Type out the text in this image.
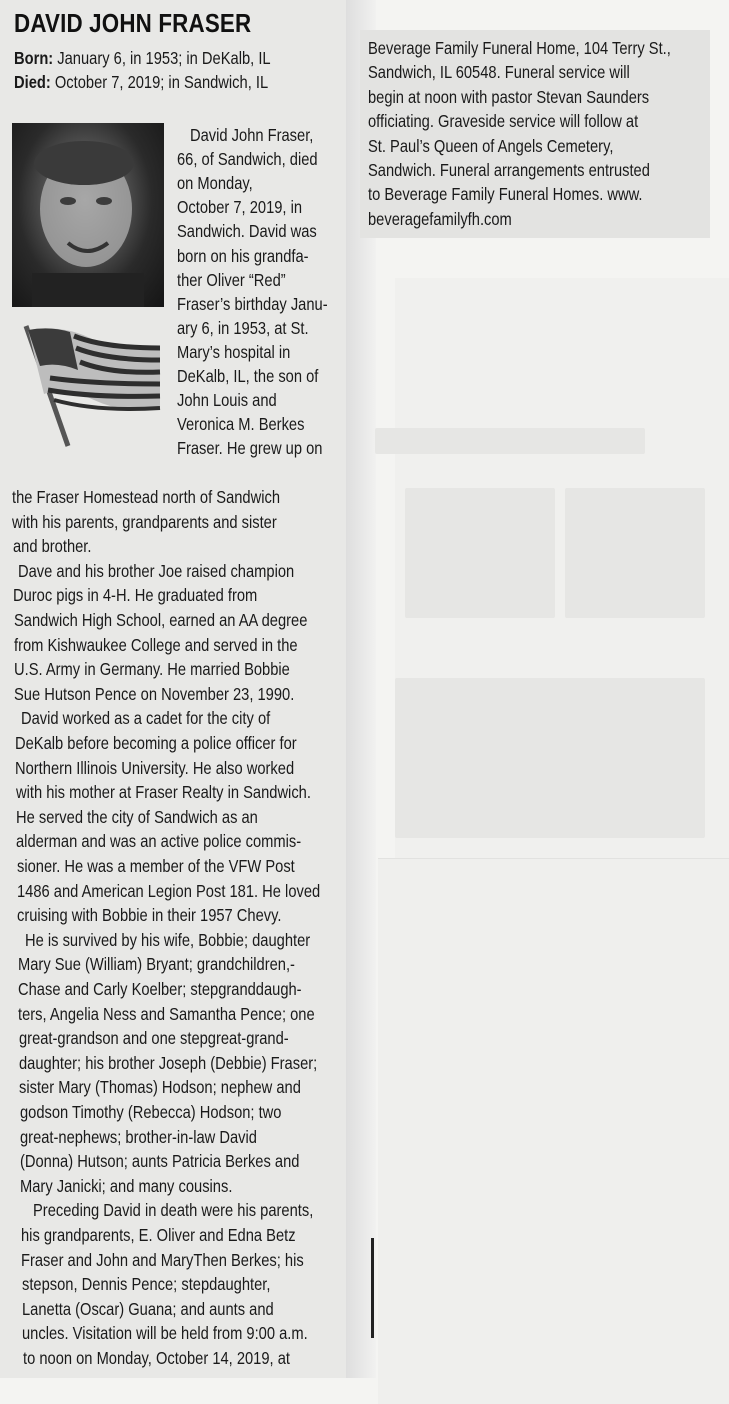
DAVID JOHN FRASER
Born: January 6, in 1953; in DeKalb, IL
Died: October 7, 2019; in Sandwich, IL
David John Fraser,
66, of Sandwich, died
on Monday,
October 7, 2019, in
Sandwich. David was
born on his grandfa-
ther Oliver “Red”
Fraser’s birthday Janu-
ary 6, in 1953, at St.
Mary’s hospital in
DeKalb, IL, the son of
John Louis and
Veronica M. Berkes
Fraser. He grew up on
the Fraser Homestead north of Sandwich
with his parents, grandparents and sister
and brother.
Dave and his brother Joe raised champion
Duroc pigs in 4-H. He graduated from
Sandwich High School, earned an AA degree
from Kishwaukee College and served in the
U.S. Army in Germany. He married Bobbie
Sue Hutson Pence on November 23, 1990.
David worked as a cadet for the city of
DeKalb before becoming a police officer for
Northern Illinois University. He also worked
with his mother at Fraser Realty in Sandwich.
He served the city of Sandwich as an
alderman and was an active police commis-
sioner. He was a member of the VFW Post
1486 and American Legion Post 181. He loved
cruising with Bobbie in their 1957 Chevy.
He is survived by his wife, Bobbie; daughter
Mary Sue (William) Bryant; grandchildren,-
Chase and Carly Koelber; stepgranddaugh-
ters, Angelia Ness and Samantha Pence; one
great-grandson and one stepgreat-grand-
daughter; his brother Joseph (Debbie) Fraser;
sister Mary (Thomas) Hodson; nephew and
godson Timothy (Rebecca) Hodson; two
great-nephews; brother-in-law David
(Donna) Hutson; aunts Patricia Berkes and
Mary Janicki; and many cousins.
Preceding David in death were his parents,
his grandparents, E. Oliver and Edna Betz
Fraser and John and MaryThen Berkes; his
stepson, Dennis Pence; stepdaughter,
Lanetta (Oscar) Guana; and aunts and
uncles. Visitation will be held from 9:00 a.m.
to noon on Monday, October 14, 2019, at
Beverage Family Funeral Home, 104 Terry St.,
Sandwich, IL 60548. Funeral service will
begin at noon with pastor Stevan Saunders
officiating. Graveside service will follow at
St. Paul’s Queen of Angels Cemetery,
Sandwich. Funeral arrangements entrusted
to Beverage Family Funeral Homes. www.
beveragefamilyfh.com
